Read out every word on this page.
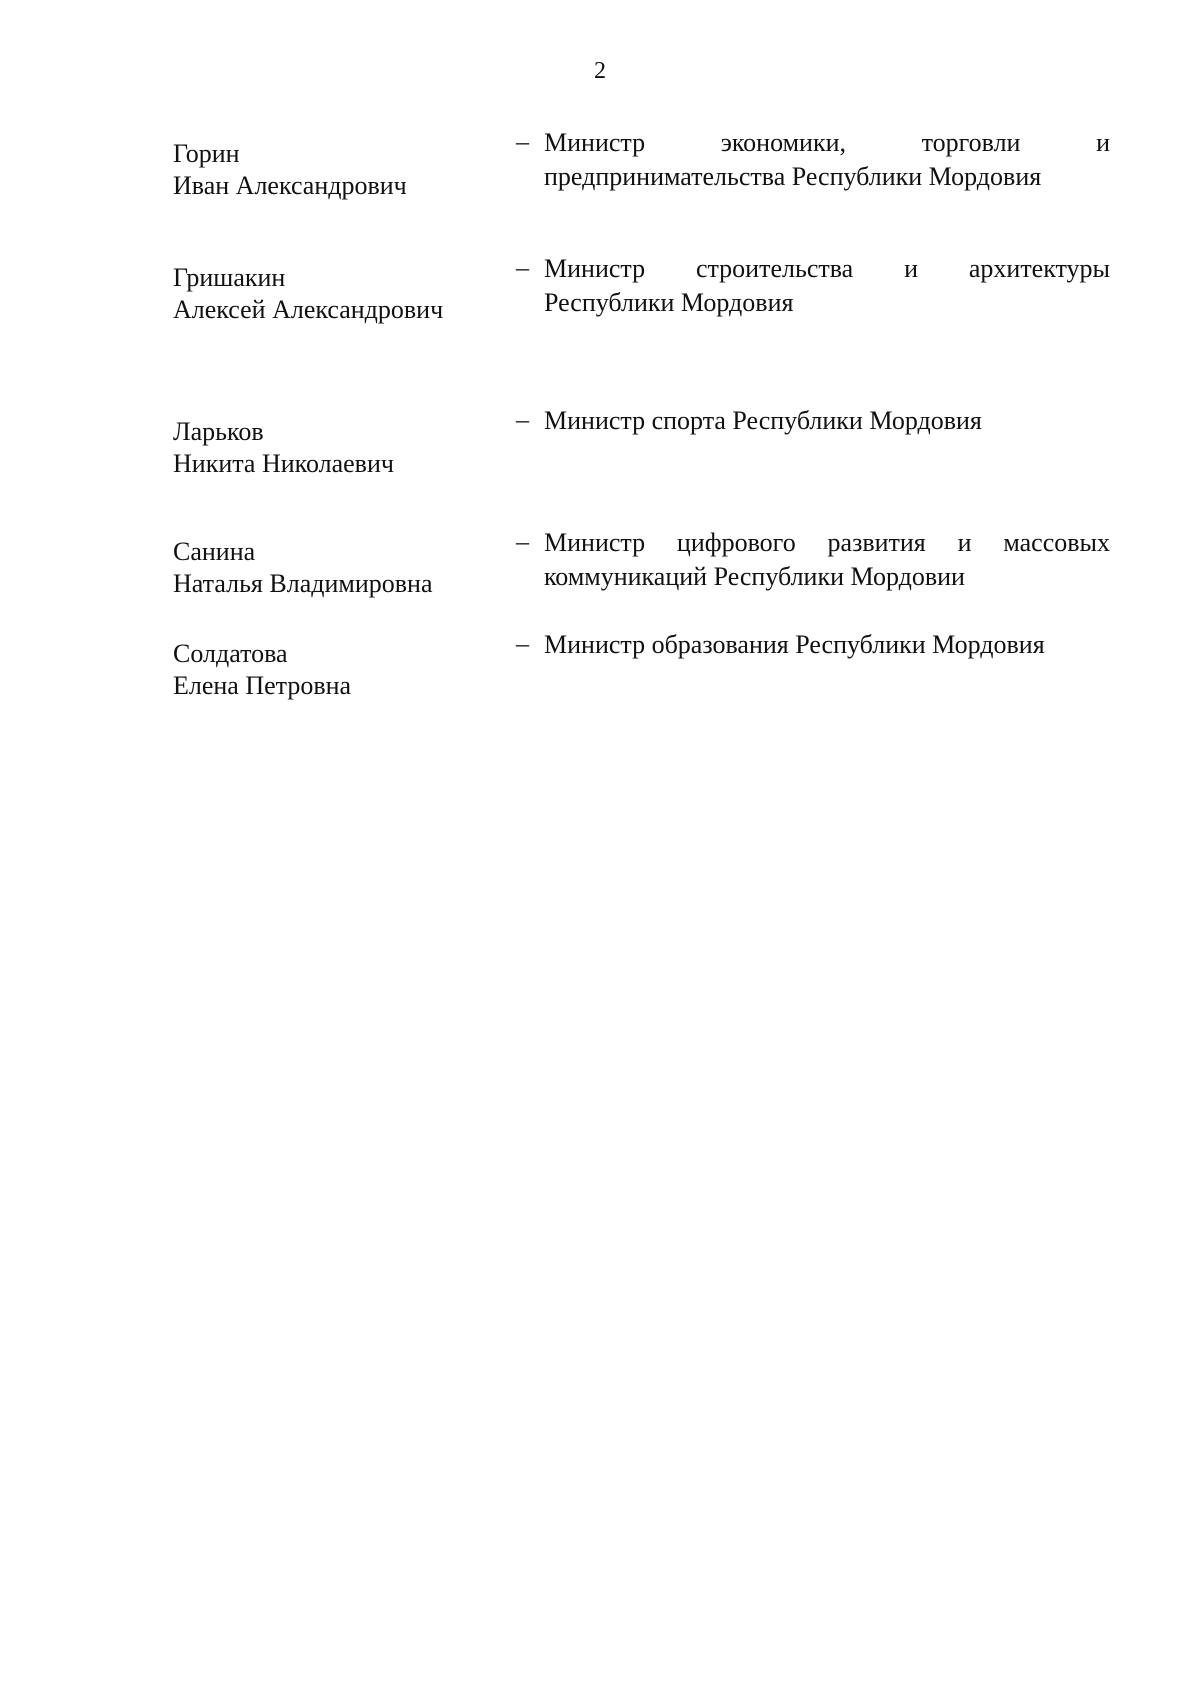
2
Горин
Иван Александрович
– Министр экономики, торговли и
предпринимательства Республики Мордовия
Гришакин
Алексей Александрович
– Министр строительства и архитектуры
Республики Мордовия
Ларьков
Никита Николаевич
– Министр спорта Республики Мордовия
Санина
Наталья Владимировна
– Министр цифрового развития и массовых
коммуникаций Республики Мордовии
Солдатова
Елена Петровна
– Министр образования Республики Мордовия
